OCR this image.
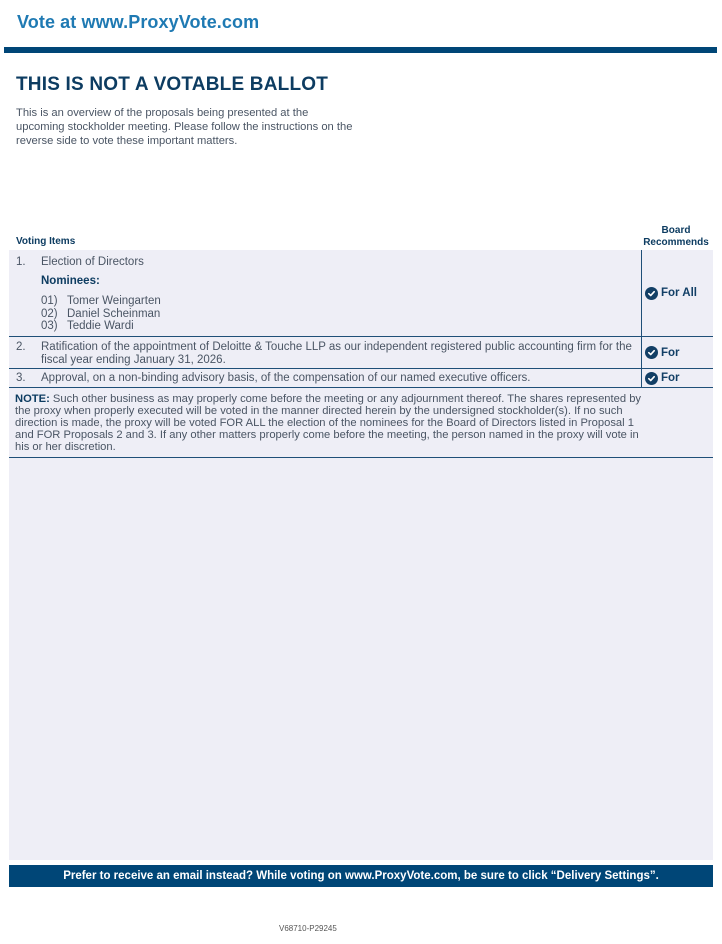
Vote at www.ProxyVote.com
THIS IS NOT A VOTABLE BALLOT
This is an overview of the proposals being presented at the upcoming stockholder meeting. Please follow the instructions on the reverse side to vote these important matters.
Voting Items
Board Recommends
1. Election of Directors
Nominees:
01) Tomer Weingarten
02) Daniel Scheinman
03) Teddie Wardi
For All
2. Ratification of the appointment of Deloitte & Touche LLP as our independent registered public accounting firm for the fiscal year ending January 31, 2026.
For
3. Approval, on a non-binding advisory basis, of the compensation of our named executive officers.	For
NOTE: Such other business as may properly come before the meeting or any adjournment thereof. The shares represented by the proxy when properly executed will be voted in the manner directed herein by the undersigned stockholder(s). If no such direction is made, the proxy will be voted FOR ALL the election of the nominees for the Board of Directors listed in Proposal 1 and FOR Proposals 2 and 3. If any other matters properly come before the meeting, the person named in the proxy will vote in his or her discretion.
Prefer to receive an email instead? While voting on www.ProxyVote.com, be sure to click “Delivery Settings”.
V68710-P29245
